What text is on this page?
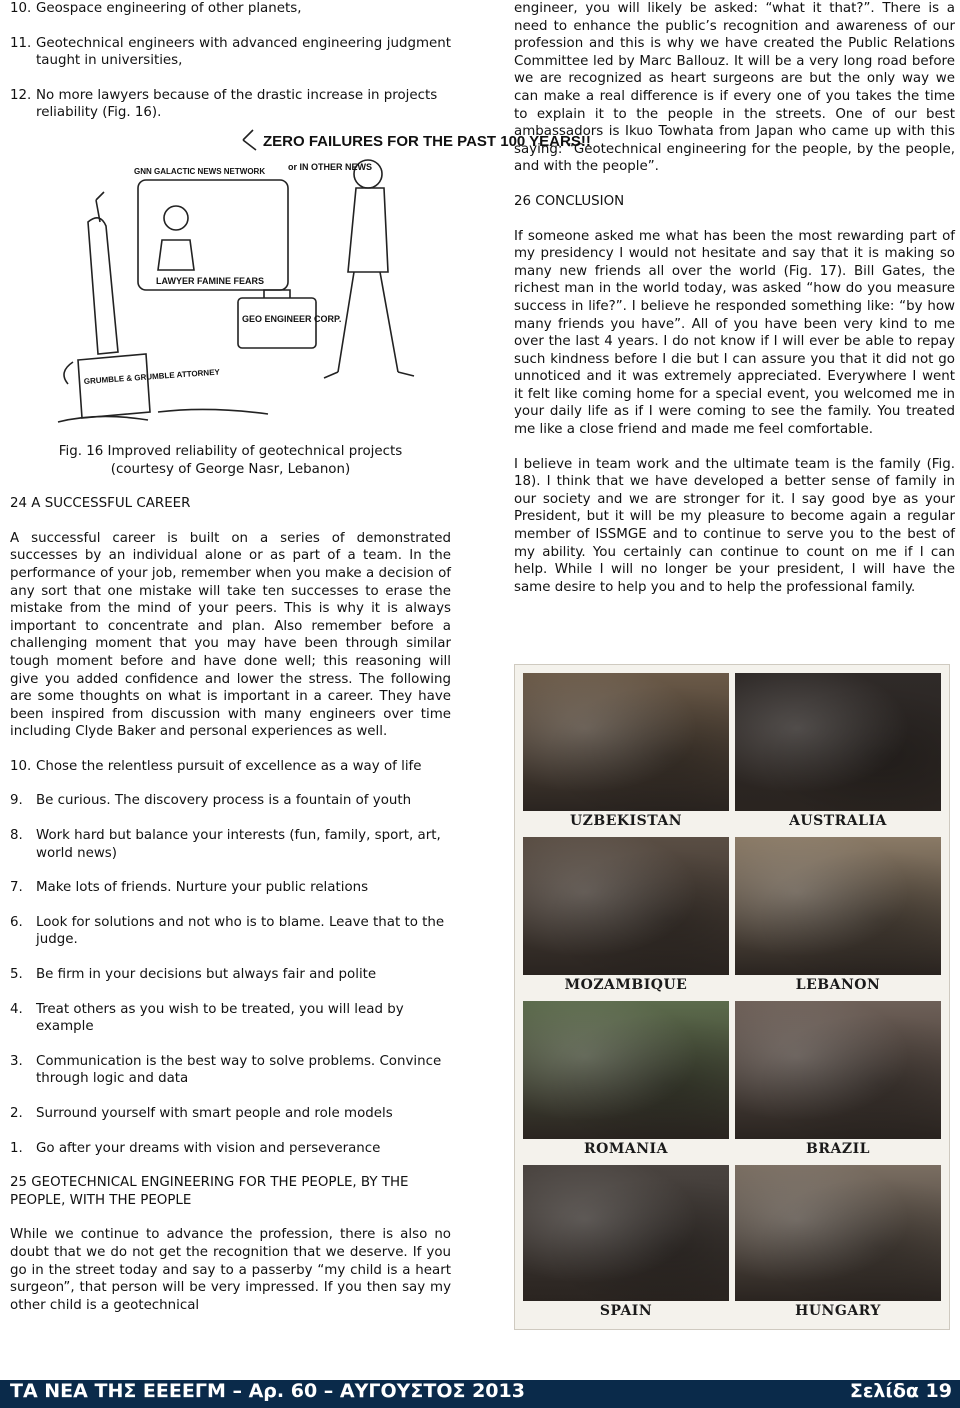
10. Geospace engineering of other planets,
11. Geotechnical engineers with advanced engineering judgment taught in universities,
12. No more lawyers because of the drastic increase in projects reliability (Fig. 16).

Fig. 16 Improved reliability of geotechnical projects (courtesy of George Nasr, Lebanon)

24 A SUCCESSFUL CAREER

A successful career is built on a series of demonstrated successes by an individual alone or as part of a team. In the performance of your job, remember when you make a decision of any sort that one mistake will take ten successes to erase the mistake from the mind of your peers. This is why it is always important to concentrate and plan. Also remember before a challenging moment that you may have been through similar tough moment before and have done well; this reasoning will give you added confidence and lower the stress. The following are some thoughts on what is important in a career. They have been inspired from discussion with many engineers over time including Clyde Baker and personal experiences as well.

10. Chose the relentless pursuit of excellence as a way of life
9. Be curious. The discovery process is a fountain of youth
8. Work hard but balance your interests (fun, family, sport, art, world news)
7. Make lots of friends. Nurture your public relations
6. Look for solutions and not who is to blame. Leave that to the judge.
5. Be firm in your decisions but always fair and polite
4. Treat others as you wish to be treated, you will lead by example
3. Communication is the best way to solve problems. Convince through logic and data
2. Surround yourself with smart people and role models
1. Go after your dreams with vision and perseverance

25 GEOTECHNICAL ENGINEERING FOR THE PEOPLE, BY THE PEOPLE, WITH THE PEOPLE

While we continue to advance the profession, there is also no doubt that we do not get the recognition that we deserve. If you go in the street today and say to a passerby “my child is a heart surgeon”, that person will be very impressed. If you then say my other child is a geotechnical

ZERO FAILURES FOR THE PAST 100 YEARS!!
or IN OTHER NEWS
GNN GALACTIC NEWS NETWORK
LAWYER FAMINE FEARS
GEO ENGINEER CORP.
GRUMBLE & GRUMBLE ATTORNEY

engineer, you will likely be asked: “what it that?”. There is a need to enhance the public’s recognition and awareness of our profession and this is why we have created the Public Relations Committee led by Marc Ballouz. It will be a very long road before we are recognized as heart surgeons are but the only way we can make a real difference is if every one of you takes the time to explain it to the people in the streets. One of our best ambassadors is Ikuo Towhata from Japan who came up with this saying: “Geotechnical engineering for the people, by the people, and with the people”.

26 CONCLUSION

If someone asked me what has been the most rewarding part of my presidency I would not hesitate and say that it is making so many new friends all over the world (Fig. 17). Bill Gates, the richest man in the world today, was asked “how do you measure success in life?”. I believe he responded something like: “by how many friends you have”. All of you have been very kind to me over the last 4 years. I do not know if I will ever be able to repay such kindness before I die but I can assure you that it did not go unnoticed and it was extremely appreciated. Everywhere I went it felt like coming home for a special event, you welcomed me in your daily life as if I were coming to see the family. You treated me like a close friend and made me feel comfortable.

I believe in team work and the ultimate team is the family (Fig. 18). I think that we have developed a better sense of family in our society and we are stronger for it. I say good bye as your President, but it will be my pleasure to become again a regular member of ISSMGE and to continue to serve you to the best of my ability. You certainly can continue to count on me if I can help. While I will no longer be your president, I will have the same desire to help you and to help the professional family.

UZBEKISTAN	AUSTRALIA
MOZAMBIQUE	LEBANON
ROMANIA	BRAZIL
SPAIN	HUNGARY
ΤΑ ΝΕΑ ΤΗΣ ΕΕΕΕΓΜ – Αρ. 60 – ΑΥΓΟΥΣΤΟΣ 2013	Σελίδα 19
